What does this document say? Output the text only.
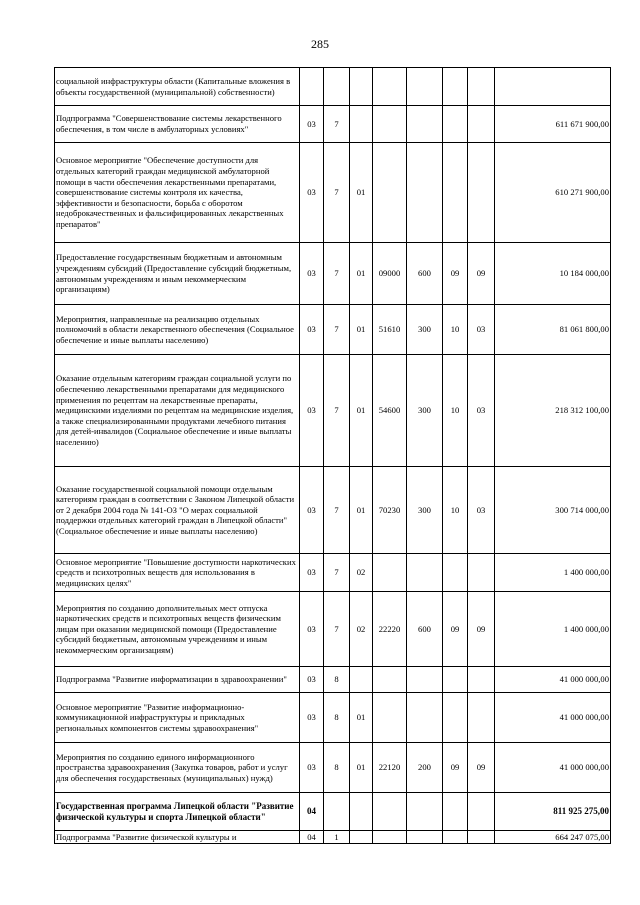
285
социальной инфраструктуры области (Капитальные вложения в объекты государственной (муниципальной) собственности)								
Подпрограмма "Совершенствование системы лекарственного обеспечения, в том числе в амбулаторных условиях"	03	7						611 671 900,00
Основное мероприятие "Обеспечение доступности для отдельных категорий граждан медицинской амбулаторной помощи в части обеспечения лекарственными препаратами, совершенствование системы контроля их качества, эффективности и безопасности, борьба с оборотом недоброкачественных и фальсифицированных лекарственных препаратов"	03	7	01					610 271 900,00
Предоставление государственным бюджетным и автономным учреждениям субсидий (Предоставление субсидий бюджетным, автономным учреждениям и иным некоммерческим организациям)	03	7	01	09000	600	09	09	10 184 000,00
Мероприятия, направленные на реализацию отдельных полномочий в области лекарственного обеспечения (Социальное обеспечение и иные выплаты населению)	03	7	01	51610	300	10	03	81 061 800,00
Оказание отдельным категориям граждан социальной услуги по обеспечению лекарственными препаратами для медицинского применения по рецептам на лекарственные препараты, медицинскими изделиями по рецептам на медицинские изделия, а также специализированными продуктами лечебного питания для детей-инвалидов (Социальное обеспечение и иные выплаты населению)	03	7	01	54600	300	10	03	218 312 100,00
Оказание государственной социальной помощи отдельным категориям граждан в соответствии с Законом Липецкой области от 2 декабря 2004 года № 141-ОЗ "О мерах социальной поддержки отдельных категорий граждан в Липецкой области" (Социальное обеспечение и иные выплаты населению)	03	7	01	70230	300	10	03	300 714 000,00
Основное мероприятие "Повышение доступности наркотических средств и психотропных веществ для использования в медицинских целях"	03	7	02					1 400 000,00
Мероприятия по созданию дополнительных мест отпуска наркотических средств и психотропных веществ физическим лицам при оказании медицинской помощи (Предоставление субсидий бюджетным, автономным учреждениям и иным некоммерческим организациям)	03	7	02	22220	600	09	09	1 400 000,00
Подпрограмма "Развитие информатизации в здравоохранении"	03	8						41 000 000,00
Основное мероприятие "Развитие информационно-коммуникационной инфраструктуры и прикладных региональных компонентов системы здравоохранения"	03	8	01					41 000 000,00
Мероприятия по созданию единого информационного пространства здравоохранения (Закупка товаров, работ и услуг для обеспечения государственных (муниципальных) нужд)	03	8	01	22120	200	09	09	41 000 000,00
Государственная программа Липецкой области "Развитие физической культуры и спорта Липецкой области"	04							811 925 275,00
Подпрограмма "Развитие физической культуры и	04	1						664 247 075,00
